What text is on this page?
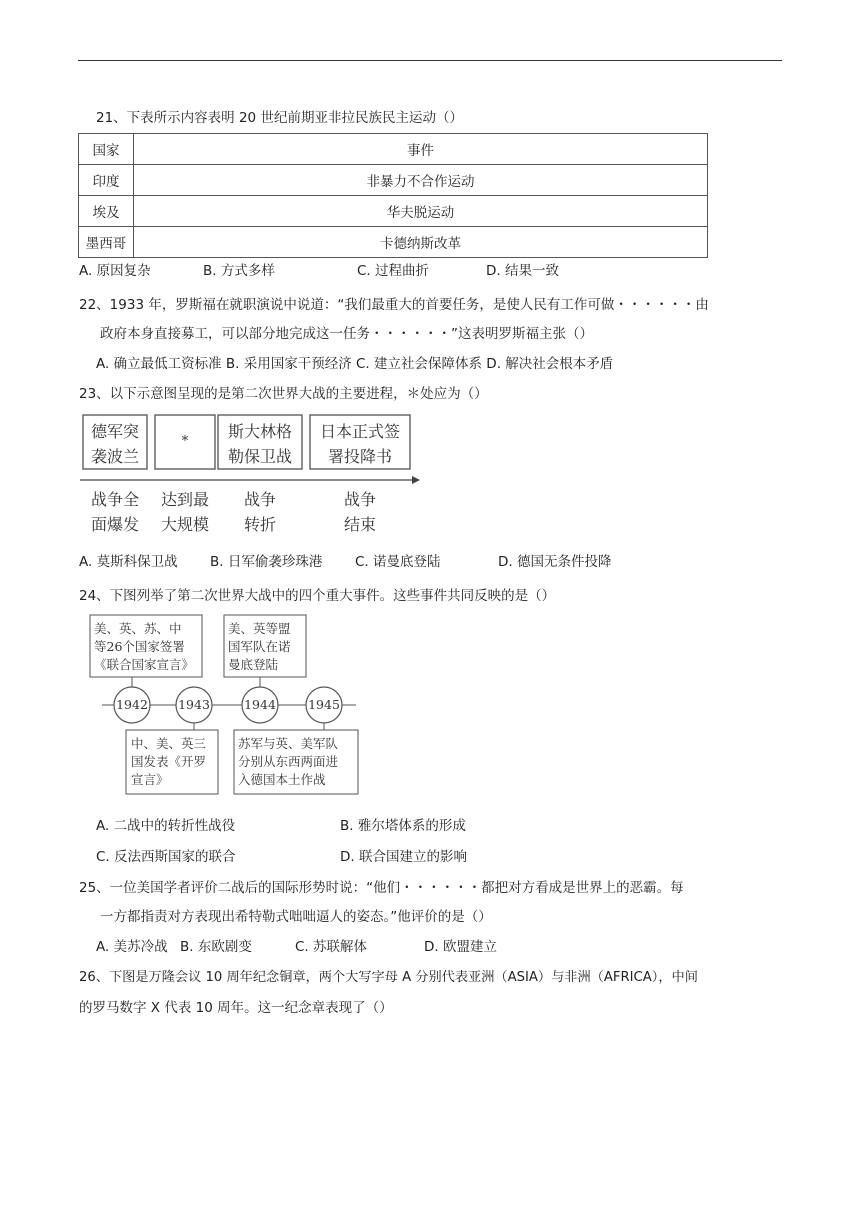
21、下表所示内容表明 20 世纪前期亚非拉民族民主运动（）
国家	事件
印度	非暴力不合作运动
埃及	华夫脱运动
墨西哥	卡德纳斯改革
A. 原因复杂	B. 方式多样	C. 过程曲折	D. 结果一致
22、1933 年，罗斯福在就职演说中说道：“我们最重大的首要任务，是使人民有工作可做・・・・・・由
政府本身直接募工，可以部分地完成这一任务・・・・・・”这表明罗斯福主张（）
A. 确立最低工资标准 B. 采用国家干预经济 C. 建立社会保障体系 D. 解决社会根本矛盾
23、以下示意图呈现的是第二次世界大战的主要进程，＊处应为（）
德军突
袭波兰
*
斯大林格
勒保卫战
日本正式签
署投降书
战争全
面爆发
达到最
大规模
战争
转折
战争
结束
A. 莫斯科保卫战 B. 日军偷袭珍珠港 C. 诺曼底登陆	D. 德国无条件投降
24、下图列举了第二次世界大战中的四个重大事件。这些事件共同反映的是（）
1942 1943	1944	1945
美、英、苏、中
等26个国家签署
《联合国家宣言》
美、英等盟
国军队在诺
曼底登陆
中、美、英三
国发表《开罗
宣言》
苏军与英、美军队
分别从东西两面进
入德国本土作战
A. 二战中的转折性战役	B. 雅尔塔体系的形成
C. 反法西斯国家的联合	D. 联合国建立的影响
25、一位美国学者评价二战后的国际形势时说：“他们・・・・・・都把对方看成是世界上的恶霸。每
一方都指责对方表现出希特勒式咄咄逼人的姿态。”他评价的是（）
A. 美苏冷战 B. 东欧剧变	C. 苏联解体	D. 欧盟建立
26、下图是万隆会议 10 周年纪念铜章，两个大写字母 A 分别代表亚洲（ASIA）与非洲（AFRICA），中间
的罗马数字 X 代表 10 周年。这一纪念章表现了（）
